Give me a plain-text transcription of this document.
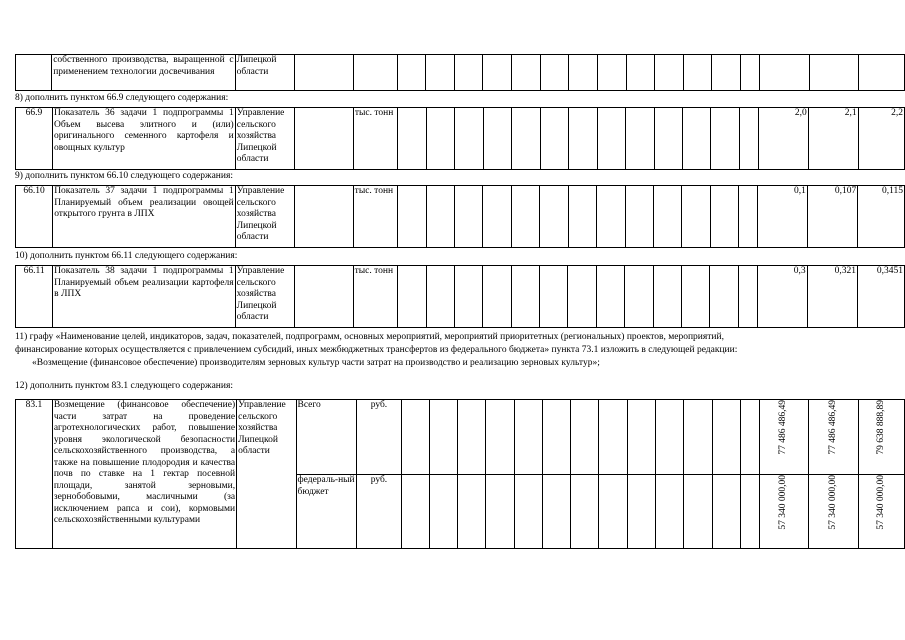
	собственного производства, выращенной с применением технологии досвечивания	Липецкой области																		
8) дополнить пунктом 66.9 следующего содержания:
66.9	Показатель 36 задачи 1 подпрограммы 1 Объем высева элитного и (или) оригинального семенного картофеля и овощных культур	Управление сельского хозяйства Липецкой области		тыс. тонн														2,0	2,1	2,2
9) дополнить пунктом 66.10 следующего содержания:
66.10	Показатель 37 задачи 1 подпрограммы 1 Планируемый объем реализации овощей открытого грунта в ЛПХ	Управление сельского хозяйства Липецкой области		тыс. тонн														0,1	0,107	0,115
10) дополнить пунктом 66.11 следующего содержания:
66.11	Показатель 38 задачи 1 подпрограммы 1 Планируемый объем реализации картофеля в ЛПХ	Управление сельского хозяйства Липецкой области		тыс. тонн														0,3	0,321	0,3451
11) графу «Наименование целей, индикаторов, задач, показателей, подпрограмм, основных мероприятий, мероприятий приоритетных (региональных) проектов, мероприятий,
финансирование которых осуществляется с привлечением субсидий, иных межбюджетных трансфертов из федерального бюджета» пункта 73.1 изложить в следующей редакции:
«Возмещение (финансовое обеспечение) производителям зерновых культур части затрат на производство и реализацию зерновых культур»;
12) дополнить пунктом 83.1 следующего содержания:
83.1	Возмещение (финансовое обеспечение) части затрат на проведение агротехнологических работ, повышение уровня экологической безопасности сельскохозяйственного производства, а также на повышение плодородия и качества почв по ставке на 1 гектар посевной площади, занятой зерновыми, зернобобовыми, масличными (за исключением рапса и сои), кормовыми сельскохозяйственными культурами	Управление сельского хозяйства Липецкой области	Всего	руб.														77 486 486,49	77 486 486,49	79 638 888,89
			федераль-ный бюджет	руб.														57 340 000,00	57 340 000,00	57 340 000,00
